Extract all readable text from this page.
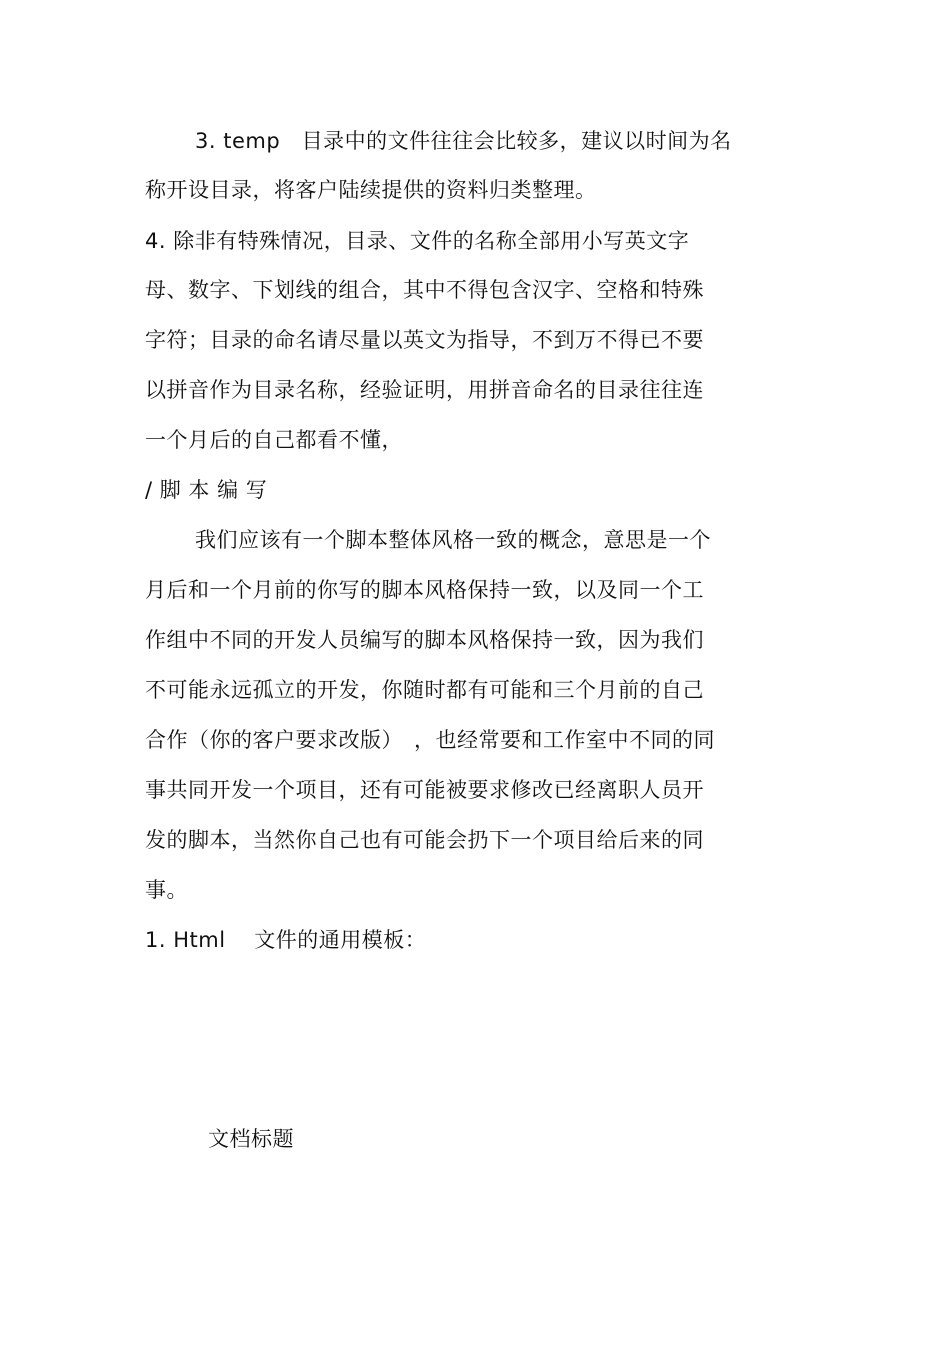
3. temp　目录中的文件往往会比较多，建议以时间为名
称开设目录，将客户陆续提供的资料归类整理。
4. 除非有特殊情况，目录、文件的名称全部用小写英文字
母、数字、下划线的组合，其中不得包含汉字、空格和特殊
字符；目录的命名请尽量以英文为指导，不到万不得已不要
以拼音作为目录名称，经验证明，用拼音命名的目录往往连
一个月后的自己都看不懂，
/ 脚 本 编 写
我们应该有一个脚本整体风格一致的概念，意思是一个
月后和一个月前的你写的脚本风格保持一致，以及同一个工
作组中不同的开发人员编写的脚本风格保持一致，因为我们
不可能永远孤立的开发，你随时都有可能和三个月前的自己
合作（你的客户要求改版）　，也经常要和工作室中不同的同
事共同开发一个项目，还有可能被要求修改已经离职人员开
发的脚本，当然你自己也有可能会扔下一个项目给后来的同
事。
1. Html　 文件的通用模板：
文档标题
